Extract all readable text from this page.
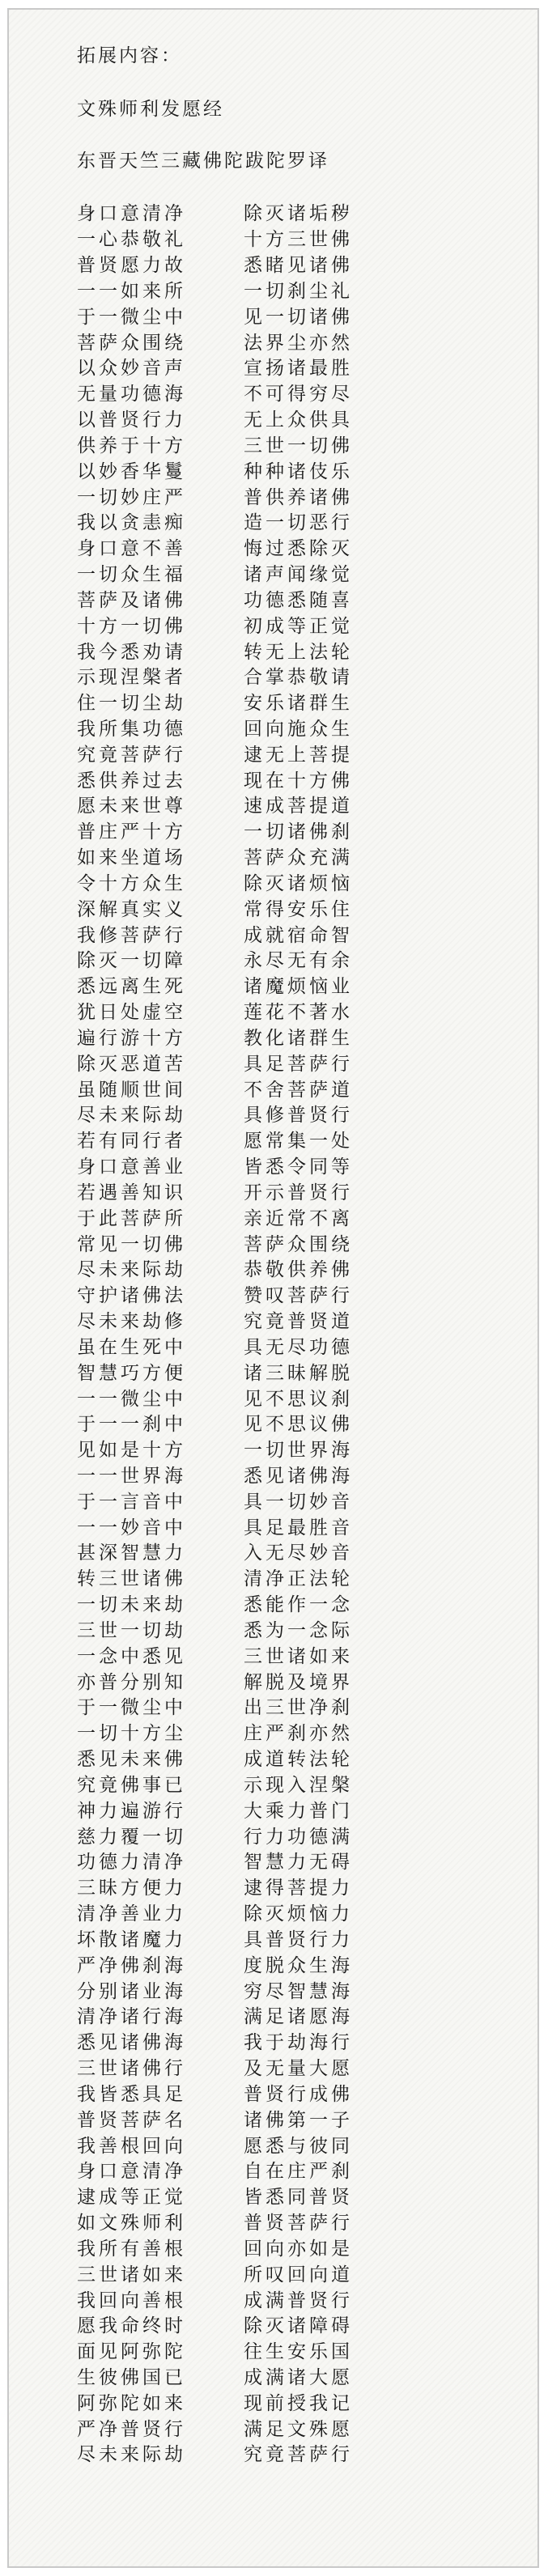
拓展内容：
文殊师利发愿经
东晋天竺三藏佛陀跋陀罗译
身口意清净	除灭诸垢秽
一心恭敬礼	十方三世佛
普贤愿力故	悉睹见诸佛
一一如来所	一切刹尘礼
于一微尘中	见一切诸佛
菩萨众围绕	法界尘亦然
以众妙音声	宣扬诸最胜
无量功德海	不可得穷尽
以普贤行力	无上众供具
供养于十方	三世一切佛
以妙香华鬘	种种诸伎乐
一切妙庄严	普供养诸佛
我以贪恚痴	造一切恶行
身口意不善	悔过悉除灭
一切众生福	诸声闻缘觉
菩萨及诸佛	功德悉随喜
十方一切佛	初成等正觉
我今悉劝请	转无上法轮
示现涅槃者	合掌恭敬请
住一切尘劫	安乐诸群生
我所集功德	回向施众生
究竟菩萨行	逮无上菩提
悉供养过去	现在十方佛
愿未来世尊	速成菩提道
普庄严十方	一切诸佛刹
如来坐道场	菩萨众充满
令十方众生	除灭诸烦恼
深解真实义	常得安乐住
我修菩萨行	成就宿命智
除灭一切障	永尽无有余
悉远离生死	诸魔烦恼业
犹日处虚空	莲花不著水
遍行游十方	教化诸群生
除灭恶道苦	具足菩萨行
虽随顺世间	不舍菩萨道
尽未来际劫	具修普贤行
若有同行者	愿常集一处
身口意善业	皆悉令同等
若遇善知识	开示普贤行
于此菩萨所	亲近常不离
常见一切佛	菩萨众围绕
尽未来际劫	恭敬供养佛
守护诸佛法	赞叹菩萨行
尽未来劫修	究竟普贤道
虽在生死中	具无尽功德
智慧巧方便	诸三昧解脱
一一微尘中	见不思议刹
于一一刹中	见不思议佛
见如是十方	一切世界海
一一世界海	悉见诸佛海
于一言音中	具一切妙音
一一妙音中	具足最胜音
甚深智慧力	入无尽妙音
转三世诸佛	清净正法轮
一切未来劫	悉能作一念
三世一切劫	悉为一念际
一念中悉见	三世诸如来
亦普分别知	解脱及境界
于一微尘中	出三世净刹
一切十方尘	庄严刹亦然
悉见未来佛	成道转法轮
究竟佛事已	示现入涅槃
神力遍游行	大乘力普门
慈力覆一切	行力功德满
功德力清净	智慧力无碍
三昧方便力	逮得菩提力
清净善业力	除灭烦恼力
坏散诸魔力	具普贤行力
严净佛刹海	度脱众生海
分别诸业海	穷尽智慧海
清净诸行海	满足诸愿海
悉见诸佛海	我于劫海行
三世诸佛行	及无量大愿
我皆悉具足	普贤行成佛
普贤菩萨名	诸佛第一子
我善根回向	愿悉与彼同
身口意清净	自在庄严刹
逮成等正觉	皆悉同普贤
如文殊师利	普贤菩萨行
我所有善根	回向亦如是
三世诸如来	所叹回向道
我回向善根	成满普贤行
愿我命终时	除灭诸障碍
面见阿弥陀	往生安乐国
生彼佛国已	成满诸大愿
阿弥陀如来	现前授我记
严净普贤行	满足文殊愿
尽未来际劫	究竟菩萨行
